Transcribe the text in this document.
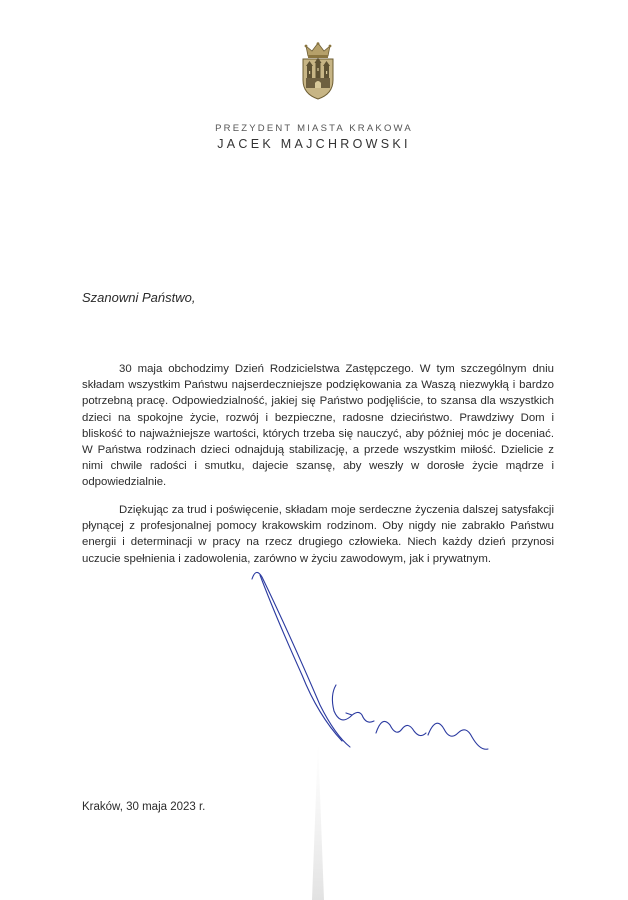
PREZYDENT MIASTA KRAKOWA
JACEK MAJCHROWSKI
Szanowni Państwo,

30 maja obchodzimy Dzień Rodzicielstwa Zastępczego. W tym szczególnym dniu składam wszystkim Państwu najserdeczniejsze podziękowania za Waszą niezwykłą i bardzo potrzebną pracę. Odpowiedzialność, jakiej się Państwo podjęliście, to szansa dla wszystkich dzieci na spokojne życie, rozwój i bezpieczne, radosne dzieciństwo. Prawdziwy Dom i bliskość to najważniejsze wartości, których trzeba się nauczyć, aby później móc je doceniać. W Państwa rodzinach dzieci odnajdują stabilizację, a przede wszystkim miłość. Dzielicie z nimi chwile radości i smutku, dajecie szansę, aby weszły w dorosłe życie mądrze i odpowiedzialnie.

Dziękując za trud i poświęcenie, składam moje serdeczne życzenia dalszej satysfakcji płynącej z profesjonalnej pomocy krakowskim rodzinom. Oby nigdy nie zabrakło Państwu energii i determinacji w pracy na rzecz drugiego człowieka. Niech każdy dzień przynosi uczucie spełnienia i zadowolenia, zarówno w życiu zawodowym, jak i prywatnym.

Kraków, 30 maja 2023 r.
